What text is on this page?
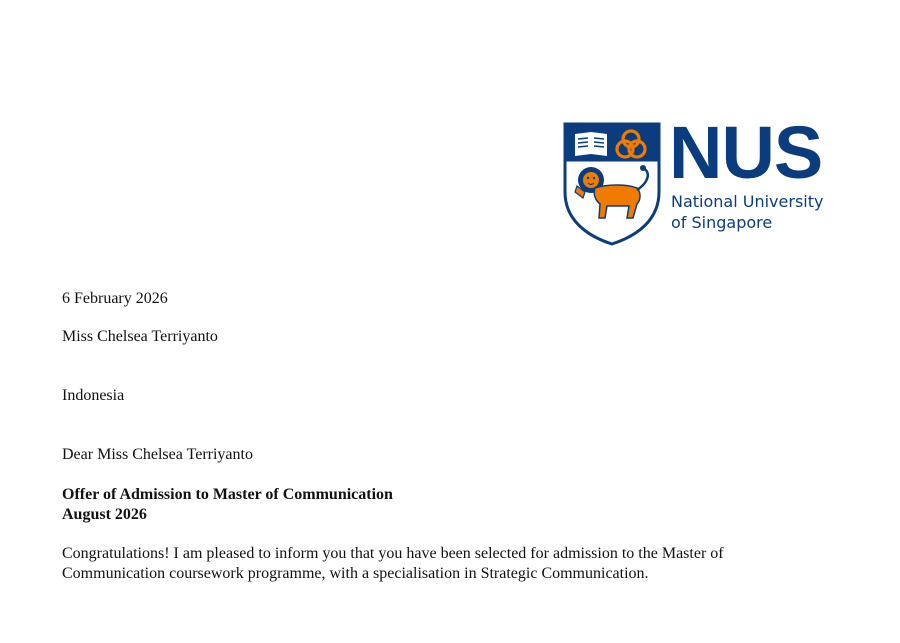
NUS
National University
of Singapore
6 February 2026
Miss Chelsea Terriyanto
Indonesia
Dear Miss Chelsea Terriyanto
Offer of Admission to Master of Communication
August 2026
Congratulations! I am pleased to inform you that you have been selected for admission to the Master of
Communication coursework programme, with a specialisation in Strategic Communication.
